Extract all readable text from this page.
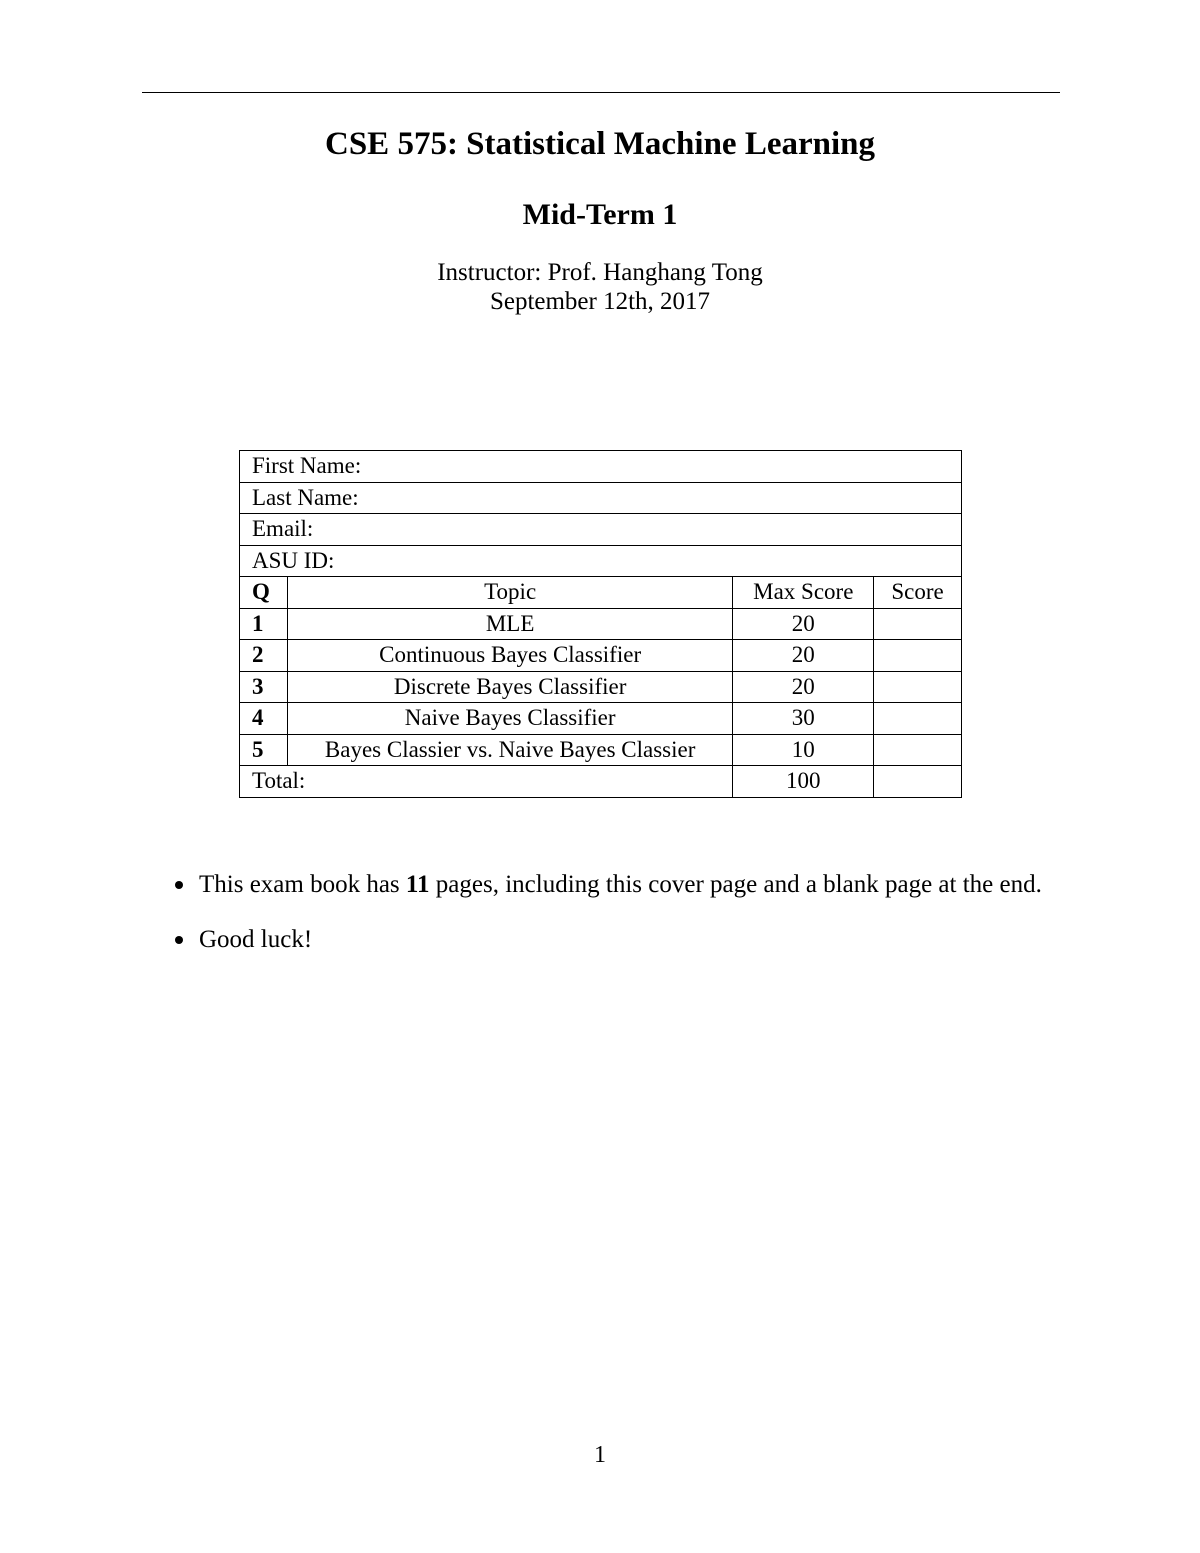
CSE 575: Statistical Machine Learning
Mid-Term 1
Instructor: Prof. Hanghang Tong
September 12th, 2017
First Name:			
Last Name:			
Email:			
ASU ID:			
Q	Topic	Max Score	Score
1	MLE	20	
2	Continuous Bayes Classifier	20	
3	Discrete Bayes Classifier	20	
4	Naive Bayes Classifier	30	
5	Bayes Classier vs. Naive Bayes Classier	10	
Total:		100	
This exam book has 11 pages, including this cover page and a blank page at the end.
Good luck!
1
